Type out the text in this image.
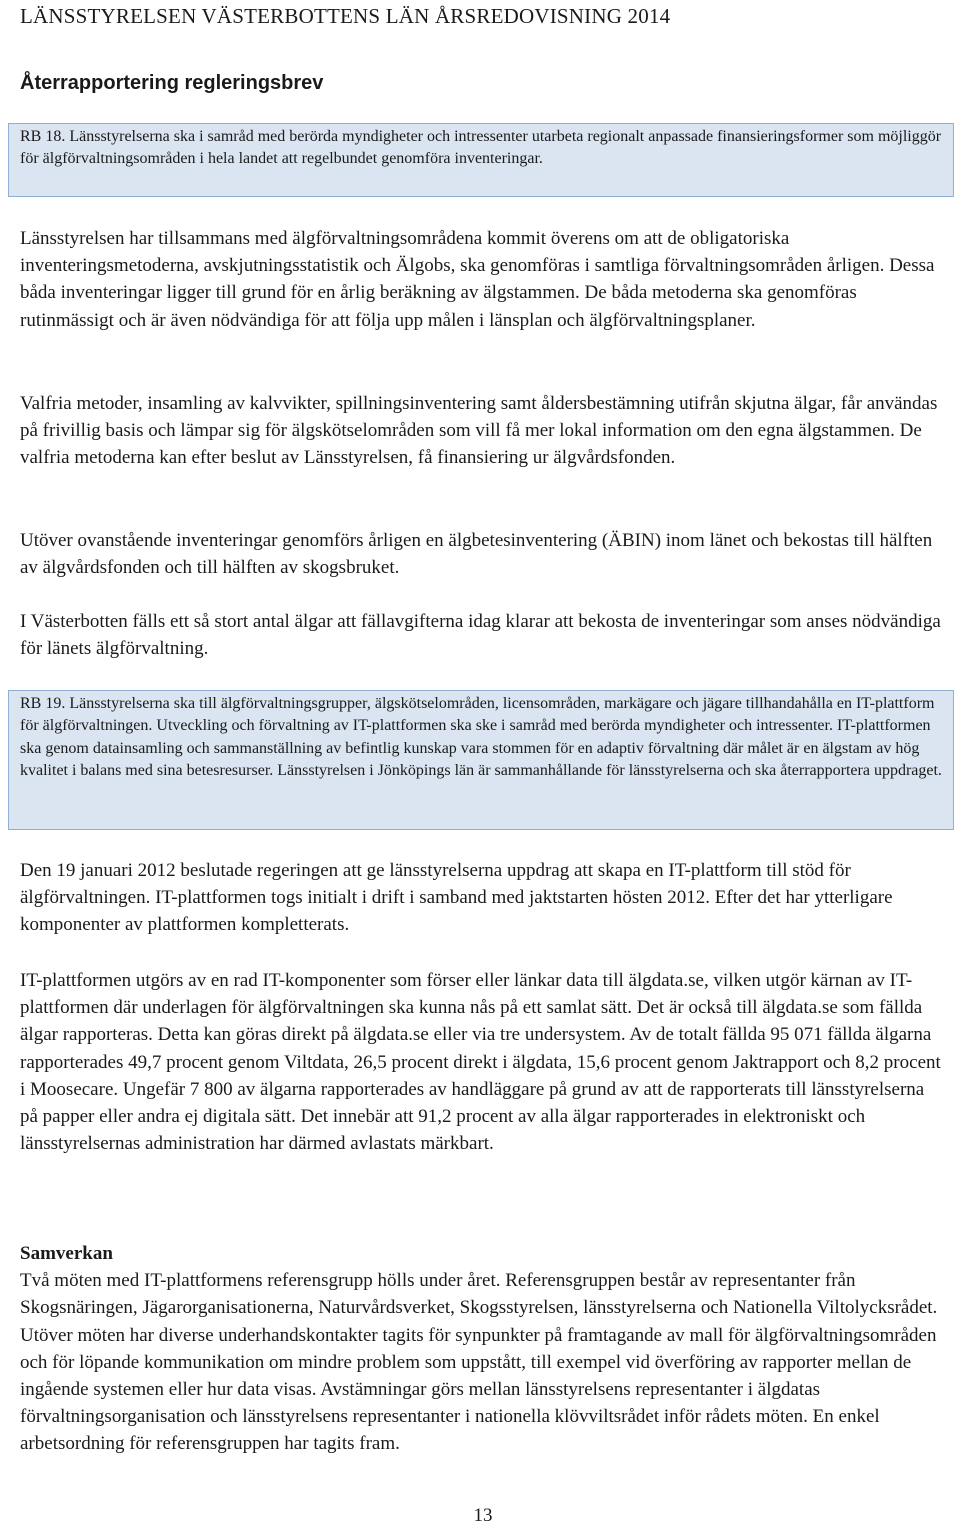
LÄNSSTYRELSEN VÄSTERBOTTENS LÄN ÅRSREDOVISNING 2014
Återrapportering regleringsbrev
RB 18. Länsstyrelserna ska i samråd med berörda myndigheter och intressenter utarbeta regionalt anpassade finansieringsformer som möjliggör för älgförvaltningsområden i hela landet att regelbundet genomföra inventeringar.

Länsstyrelsen har tillsammans med älgförvaltningsområdena kommit överens om att de obligatoriska inventeringsmetoderna, avskjutningsstatistik och Älgobs, ska genomföras i samtliga förvaltningsområden årligen. Dessa båda inventeringar ligger till grund för en årlig beräkning av älgstammen. De båda metoderna ska genomföras rutinmässigt och är även nödvändiga för att följa upp målen i länsplan och älgförvaltningsplaner.

Valfria metoder, insamling av kalvvikter, spillningsinventering samt åldersbestämning utifrån skjutna älgar, får användas på frivillig basis och lämpar sig för älgskötselområden som vill få mer lokal information om den egna älgstammen. De valfria metoderna kan efter beslut av Länsstyrelsen, få finansiering ur älgvårdsfonden.

Utöver ovanstående inventeringar genomförs årligen en älgbetesinventering (ÄBIN) inom länet och bekostas till hälften av älgvårdsfonden och till hälften av skogsbruket.

I Västerbotten fälls ett så stort antal älgar att fällavgifterna idag klarar att bekosta de inventeringar som anses nödvändiga för länets älgförvaltning.

RB 19. Länsstyrelserna ska till älgförvaltningsgrupper, älgskötselområden, licensområden, markägare och jägare tillhandahålla en IT-plattform för älgförvaltningen. Utveckling och förvaltning av IT-plattformen ska ske i samråd med berörda myndigheter och intressenter. IT-plattformen ska genom datainsamling och sammanställning av befintlig kunskap vara stommen för en adaptiv förvaltning där målet är en älgstam av hög kvalitet i balans med sina betesresurser. Länsstyrelsen i Jönköpings län är sammanhållande för länsstyrelserna och ska återrapportera uppdraget.

Den 19 januari 2012 beslutade regeringen att ge länsstyrelserna uppdrag att skapa en IT-plattform till stöd för älgförvaltningen. IT-plattformen togs initialt i drift i samband med jaktstarten hösten 2012. Efter det har ytterligare komponenter av plattformen kompletterats.

IT-plattformen utgörs av en rad IT-komponenter som förser eller länkar data till älgdata.se, vilken utgör kärnan av IT-plattformen där underlagen för älgförvaltningen ska kunna nås på ett samlat sätt. Det är också till älgdata.se som fällda älgar rapporteras. Detta kan göras direkt på älgdata.se eller via tre undersystem. Av de totalt fällda 95 071 fällda älgarna rapporterades 49,7 procent genom Viltdata, 26,5 procent direkt i älgdata, 15,6 procent genom Jaktrapport och 8,2 procent i Moosecare. Ungefär 7 800 av älgarna rapporterades av handläggare på grund av att de rapporterats till länsstyrelserna på papper eller andra ej digitala sätt. Det innebär att 91,2 procent av alla älgar rapporterades in elektroniskt och länsstyrelsernas administration har därmed avlastats märkbart.

Samverkan
Två möten med IT-plattformens referensgrupp hölls under året. Referensgruppen består av representanter från Skogsnäringen, Jägarorganisationerna, Naturvårdsverket, Skogsstyrelsen, länsstyrelserna och Nationella Viltolycksrådet. Utöver möten har diverse underhandskontakter tagits för synpunkter på framtagande av mall för älgförvaltningsområden och för löpande kommunikation om mindre problem som uppstått, till exempel vid överföring av rapporter mellan de ingående systemen eller hur data visas. Avstämningar görs mellan länsstyrelsens representanter i älgdatas förvaltningsorganisation och länsstyrelsens representanter i nationella klövviltsrådet inför rådets möten. En enkel arbetsordning för referensgruppen har tagits fram.
13
